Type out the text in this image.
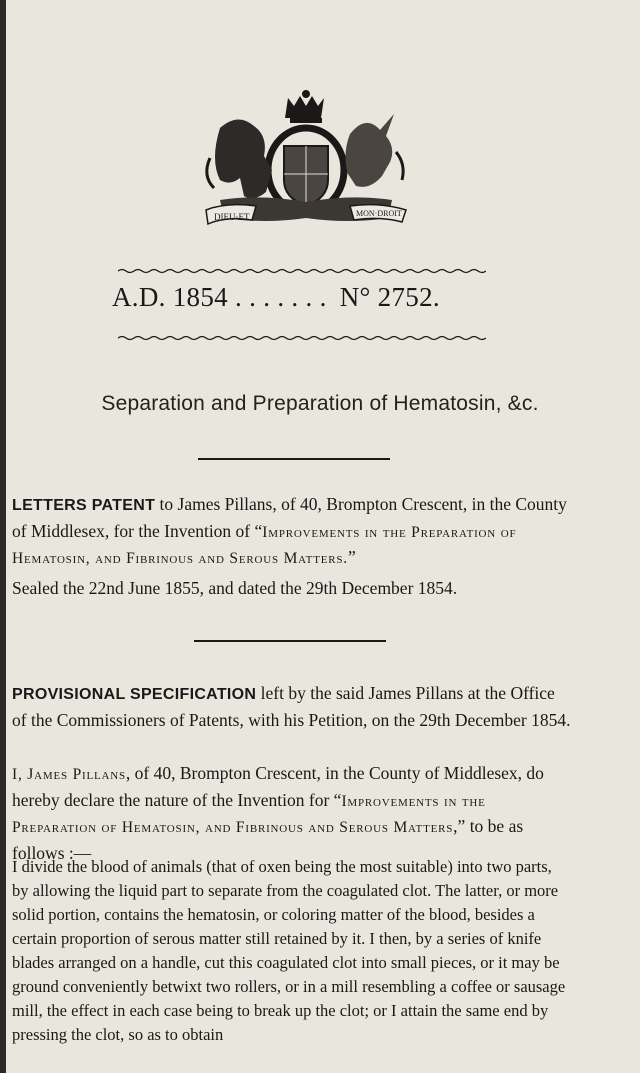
DIEU·ET	MON·DROIT
A.D. 1854 . . . . . . . N° 2752.
Separation and Preparation of Hematosin, &c.

LETTERS PATENT to James Pillans, of 40, Brompton Crescent, in the County of Middlesex, for the Invention of “Improvements in the Preparation of Hematosin, and Fibrinous and Serous Matters.”

Sealed the 22nd June 1855, and dated the 29th December 1854.

PROVISIONAL SPECIFICATION left by the said James Pillans at the Office of the Commissioners of Patents, with his Petition, on the 29th December 1854.

I, James Pillans, of 40, Brompton Crescent, in the County of Middlesex, do hereby declare the nature of the Invention for “Improvements in the Preparation of Hematosin, and Fibrinous and Serous Matters,” to be as follows :—

I divide the blood of animals (that of oxen being the most suitable) into two parts, by allowing the liquid part to separate from the coagulated clot. The latter, or more solid portion, contains the hematosin, or coloring matter of the blood, besides a certain proportion of serous matter still retained by it. I then, by a series of knife blades arranged on a handle, cut this coagulated clot into small pieces, or it may be ground conveniently betwixt two rollers, or in a mill resembling a coffee or sausage mill, the effect in each case being to break up the clot; or I attain the same end by pressing the clot, so as to obtain
